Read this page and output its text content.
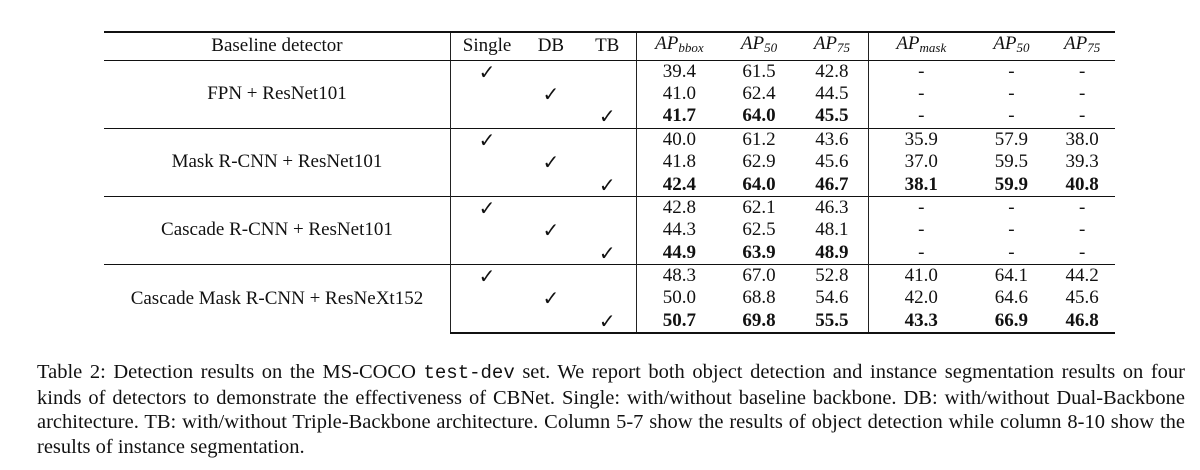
Baseline detector	Single	DB	TB	$AP_{bbox}$	$AP_{50}$	$AP_{75}$	$AP_{mask}$	$AP_{50}$	$AP_{75}$
FPN + ResNet101	✓			39.4	61.5	42.8	-	-	-
		✓		41.0	62.4	44.5	-	-	-
			✓	41.7	64.0	45.5	-	-	-
Mask R-CNN + ResNet101	✓			40.0	61.2	43.6	35.9	57.9	38.0
		✓		41.8	62.9	45.6	37.0	59.5	39.3
			✓	42.4	64.0	46.7	38.1	59.9	40.8
Cascade R-CNN + ResNet101	✓			42.8	62.1	46.3	-	-	-
		✓		44.3	62.5	48.1	-	-	-
			✓	44.9	63.9	48.9	-	-	-
Cascade Mask R-CNN + ResNeXt152	✓			48.3	67.0	52.8	41.0	64.1	44.2
		✓		50.0	68.8	54.6	42.0	64.6	45.6
			✓	50.7	69.8	55.5	43.3	66.9	46.8

Table 2: Detection results on the MS-COCO test-dev set. We report both object detection and instance segmentation results on four kinds of detectors to demonstrate the effectiveness of CBNet. Single: with/without baseline backbone. DB: with/without Dual-Backbone architecture. TB: with/without Triple-Backbone architecture. Column 5-7 show the results of object detection while column 8-10 show the results of instance segmentation.
